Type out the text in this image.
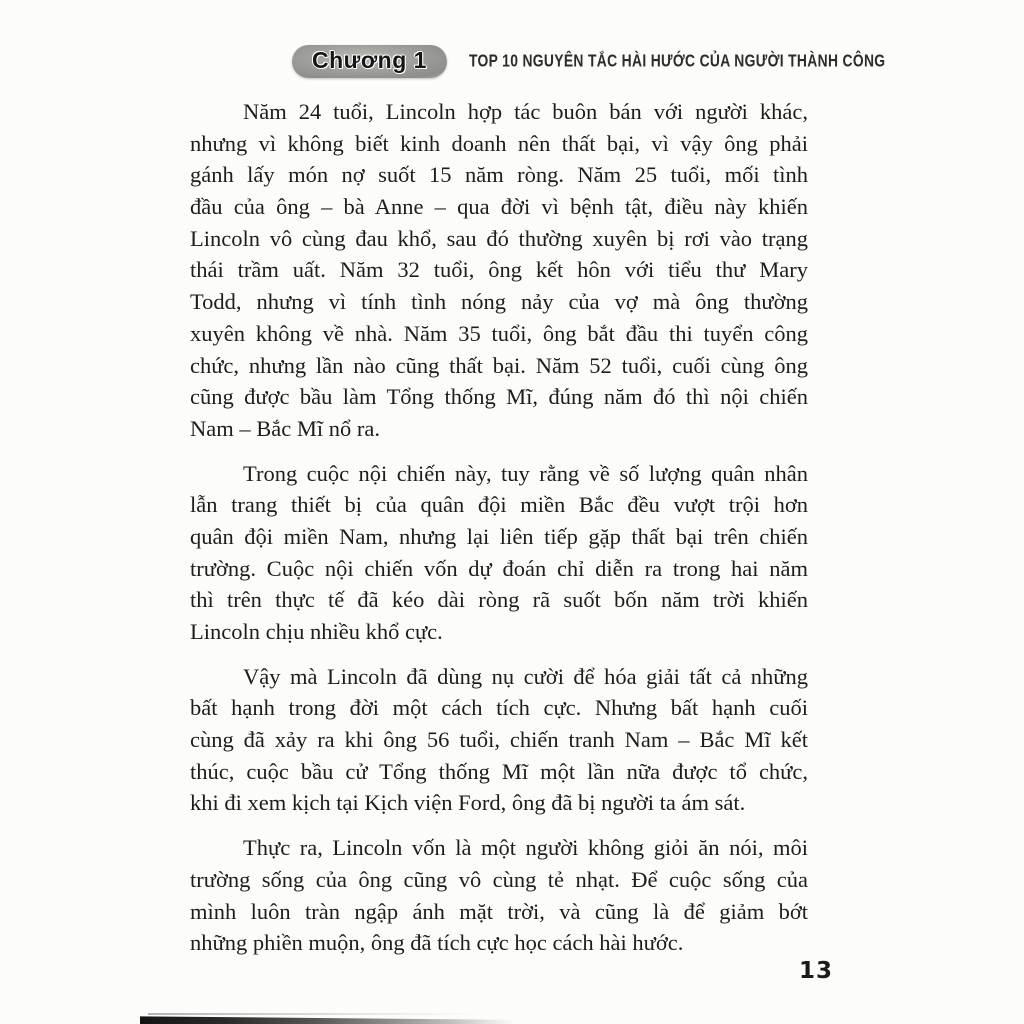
Chương 1	TOP 10 NGUYÊN TẮC HÀI HƯỚC CỦA NGƯỜI THÀNH CÔNG
Năm 24 tuổi, Lincoln hợp tác buôn bán với người khác,
nhưng vì không biết kinh doanh nên thất bại, vì vậy ông phải
gánh lấy món nợ suốt 15 năm ròng. Năm 25 tuổi, mối tình
đầu của ông – bà Anne – qua đời vì bệnh tật, điều này khiến
Lincoln vô cùng đau khổ, sau đó thường xuyên bị rơi vào trạng
thái trầm uất. Năm 32 tuổi, ông kết hôn với tiểu thư Mary
Todd, nhưng vì tính tình nóng nảy của vợ mà ông thường
xuyên không về nhà. Năm 35 tuổi, ông bắt đầu thi tuyển công
chức, nhưng lần nào cũng thất bại. Năm 52 tuổi, cuối cùng ông
cũng được bầu làm Tổng thống Mĩ, đúng năm đó thì nội chiến
Nam – Bắc Mĩ nổ ra.
Trong cuộc nội chiến này, tuy rằng về số lượng quân nhân
lẫn trang thiết bị của quân đội miền Bắc đều vượt trội hơn
quân đội miền Nam, nhưng lại liên tiếp gặp thất bại trên chiến
trường. Cuộc nội chiến vốn dự đoán chỉ diễn ra trong hai năm
thì trên thực tế đã kéo dài ròng rã suốt bốn năm trời khiến
Lincoln chịu nhiều khổ cực.
Vậy mà Lincoln đã dùng nụ cười để hóa giải tất cả những
bất hạnh trong đời một cách tích cực. Nhưng bất hạnh cuối
cùng đã xảy ra khi ông 56 tuổi, chiến tranh Nam – Bắc Mĩ kết
thúc, cuộc bầu cử Tổng thống Mĩ một lần nữa được tổ chức,
khi đi xem kịch tại Kịch viện Ford, ông đã bị người ta ám sát.
Thực ra, Lincoln vốn là một người không giỏi ăn nói, môi
trường sống của ông cũng vô cùng tẻ nhạt. Để cuộc sống của
mình luôn tràn ngập ánh mặt trời, và cũng là để giảm bớt
những phiền muộn, ông đã tích cực học cách hài hước.
13
